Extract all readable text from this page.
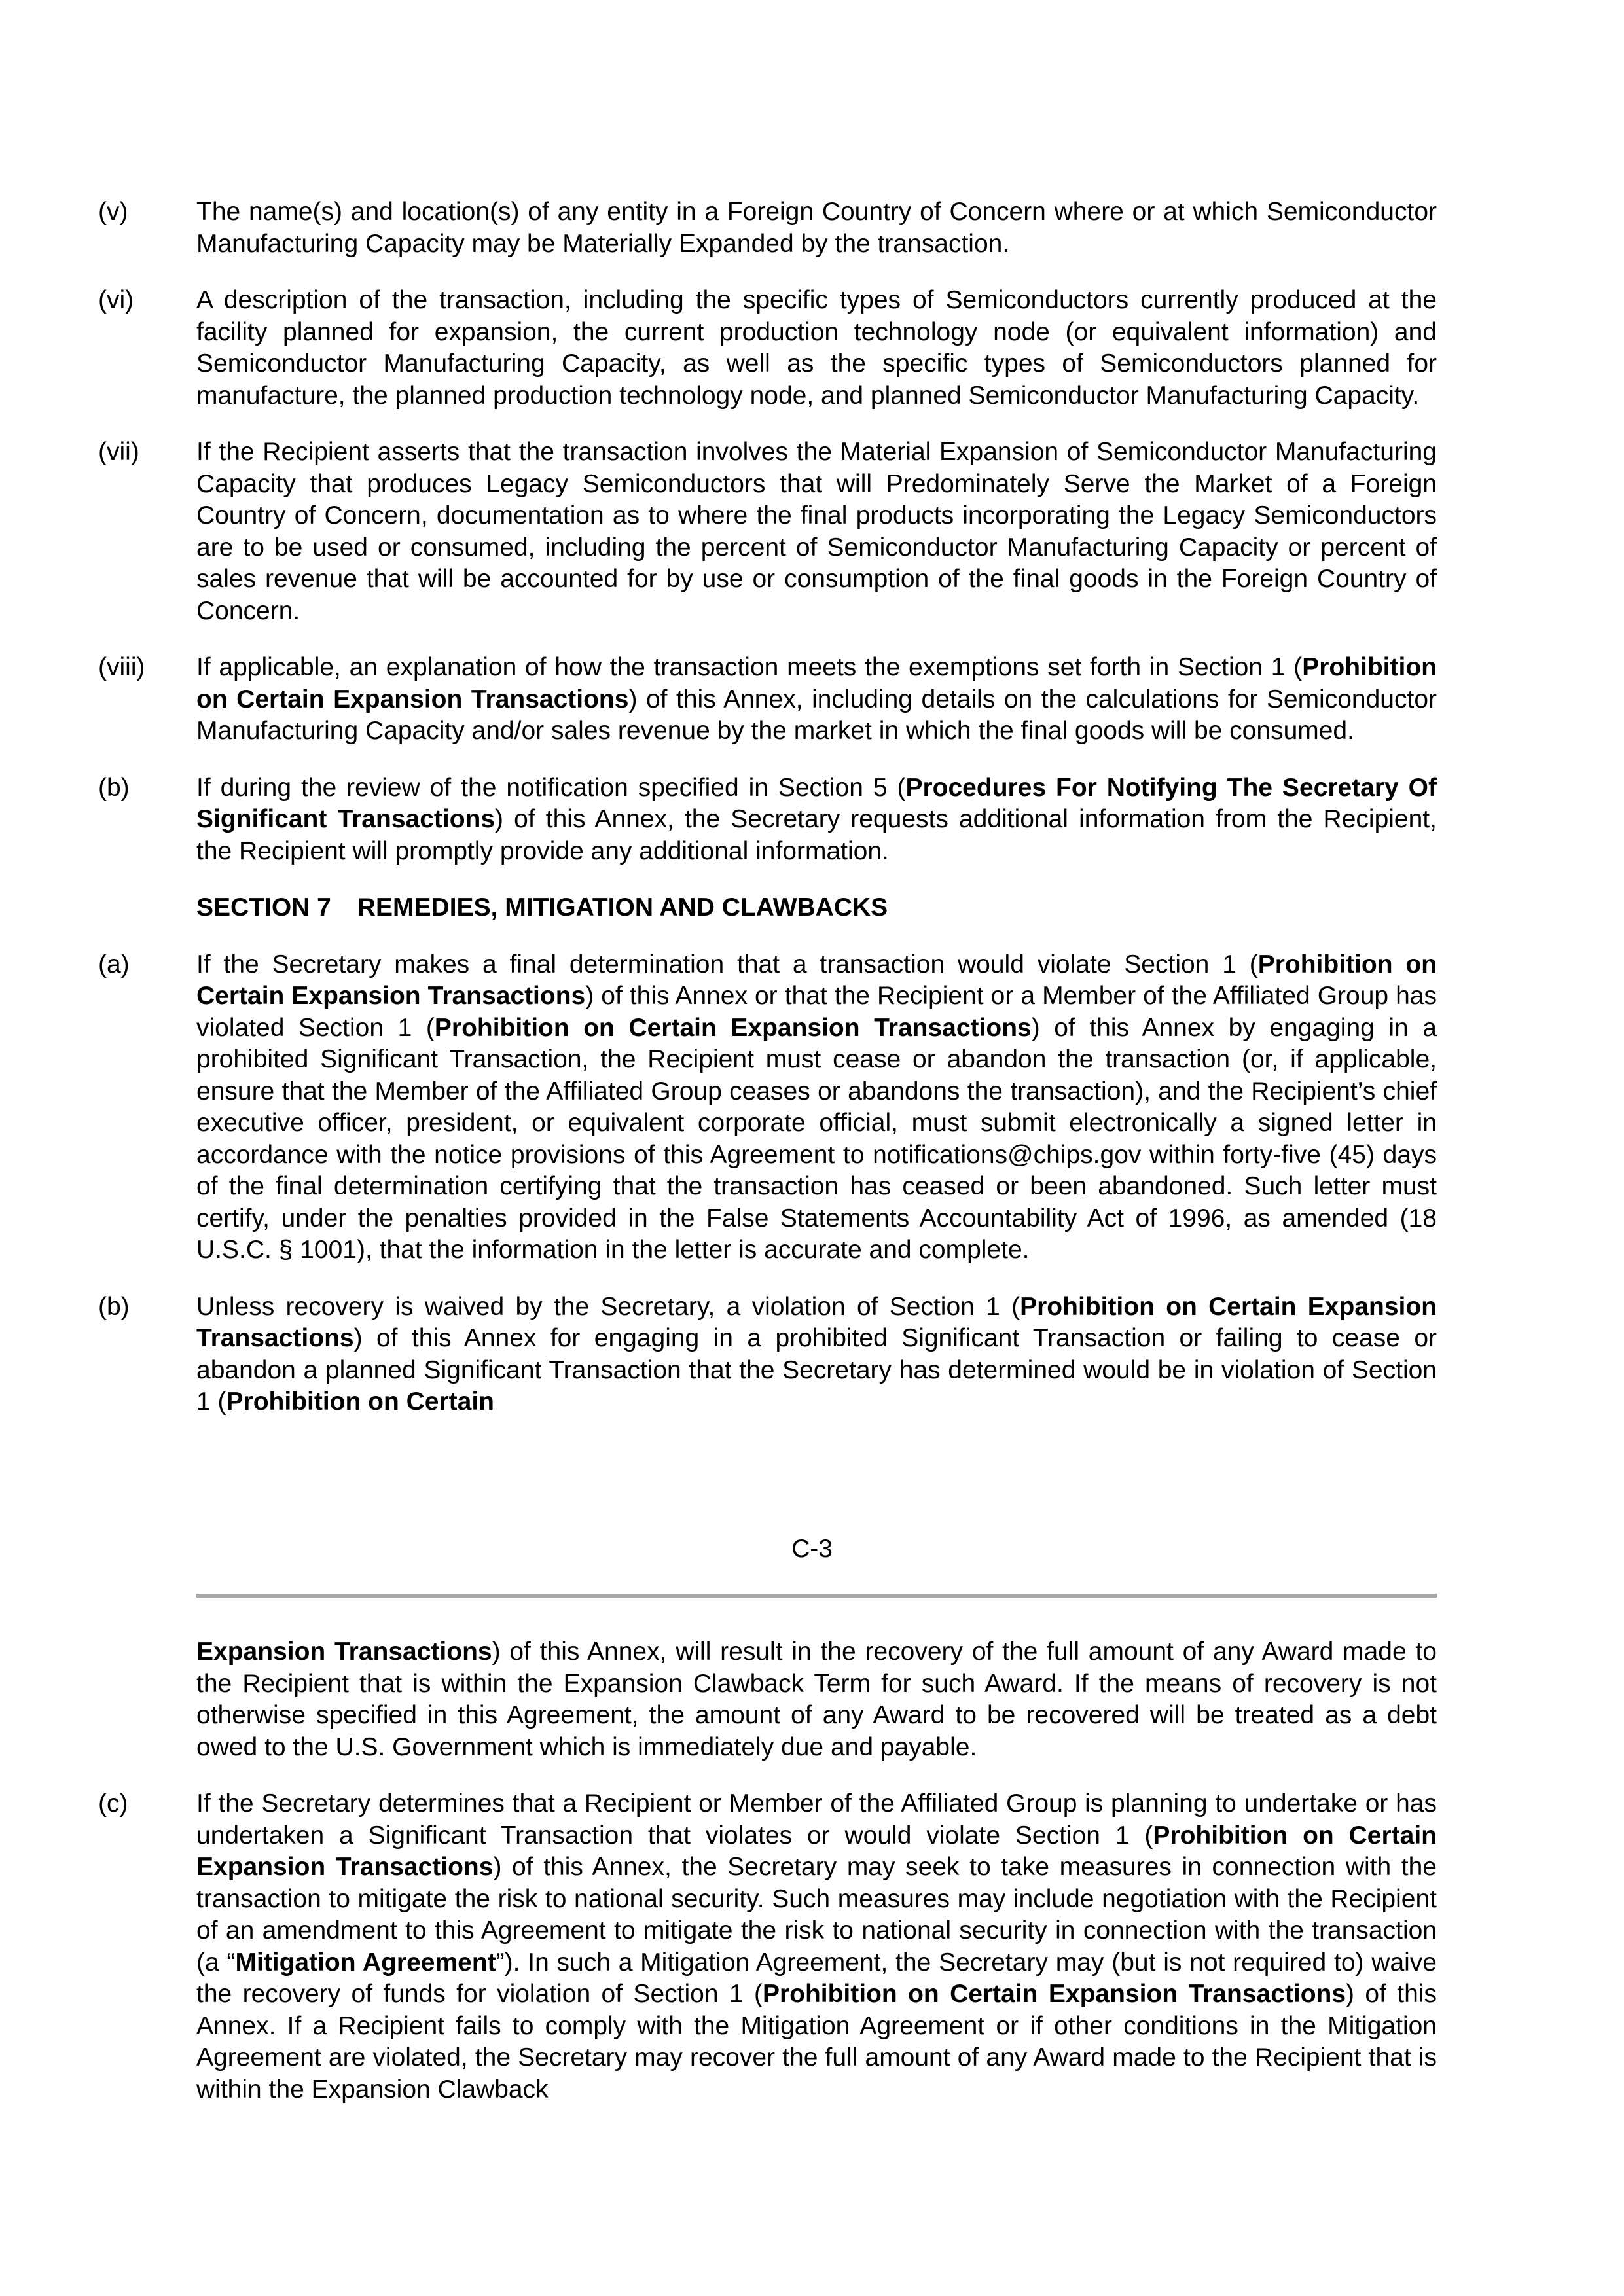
(v)	The name(s) and location(s) of any entity in a Foreign Country of Concern where or at which Semiconductor Manufacturing Capacity may be Materially Expanded by the transaction.
(vi) A description of the transaction, including the specific types of Semiconductors currently produced at the facility planned for expansion, the current production technology node (or equivalent information) and Semiconductor Manufacturing Capacity, as well as the specific types of Semiconductors planned for manufacture, the planned production technology node, and planned Semiconductor Manufacturing Capacity.
(vii) If the Recipient asserts that the transaction involves the Material Expansion of Semiconductor Manufacturing Capacity that produces Legacy Semiconductors that will Predominately Serve the Market of a Foreign Country of Concern, documentation as to where the final products incorporating the Legacy Semiconductors are to be used or consumed, including the percent of Semiconductor Manufacturing Capacity or percent of sales revenue that will be accounted for by use or consumption of the final goods in the Foreign Country of Concern.
(viii) If applicable, an explanation of how the transaction meets the exemptions set forth in Section 1 (Prohibition on Certain Expansion Transactions) of this Annex, including details on the calculations for Semiconductor Manufacturing Capacity and/or sales revenue by the market in which the final goods will be consumed.
(b)	If during the review of the notification specified in Section 5 (Procedures For Notifying The Secretary Of Significant Transactions) of this Annex, the Secretary requests additional information from the Recipient, the Recipient will promptly provide any additional information.
SECTION 7 REMEDIES, MITIGATION AND CLAWBACKS
(a)	If the Secretary makes a final determination that a transaction would violate Section 1 (Prohibition on Certain Expansion Transactions) of this Annex or that the Recipient or a Member of the Affiliated Group has violated Section 1 (Prohibition on Certain Expansion Transactions) of this Annex by engaging in a prohibited Significant Transaction, the Recipient must cease or abandon the transaction (or, if applicable, ensure that the Member of the Affiliated Group ceases or abandons the transaction), and the Recipient’s chief executive officer, president, or equivalent corporate official, must submit electronically a signed letter in accordance with the notice provisions of this Agreement to notifications@chips.gov within forty-five (45) days of the final determination certifying that the transaction has ceased or been abandoned. Such letter must certify, under the penalties provided in the False Statements Accountability Act of 1996, as amended (18 U.S.C. § 1001), that the information in the letter is accurate and complete.
(b)	Unless recovery is waived by the Secretary, a violation of Section 1 (Prohibition on Certain Expansion Transactions) of this Annex for engaging in a prohibited Significant Transaction or failing to cease or abandon a planned Significant Transaction that the Secretary has determined would be in violation of Section 1 (Prohibition on Certain
C-3
Expansion Transactions) of this Annex, will result in the recovery of the full amount of any Award made to the Recipient that is within the Expansion Clawback Term for such Award. If the means of recovery is not otherwise specified in this Agreement, the amount of any Award to be recovered will be treated as a debt owed to the U.S. Government which is immediately due and payable.
(c)	If the Secretary determines that a Recipient or Member of the Affiliated Group is planning to undertake or has undertaken a Significant Transaction that violates or would violate Section 1 (Prohibition on Certain Expansion Transactions) of this Annex, the Secretary may seek to take measures in connection with the transaction to mitigate the risk to national security. Such measures may include negotiation with the Recipient of an amendment to this Agreement to mitigate the risk to national security in connection with the transaction (a “Mitigation Agreement”). In such a Mitigation Agreement, the Secretary may (but is not required to) waive the recovery of funds for violation of Section 1 (Prohibition on Certain Expansion Transactions) of this Annex. If a Recipient fails to comply with the Mitigation Agreement or if other conditions in the Mitigation Agreement are violated, the Secretary may recover the full amount of any Award made to the Recipient that is within the Expansion Clawback
